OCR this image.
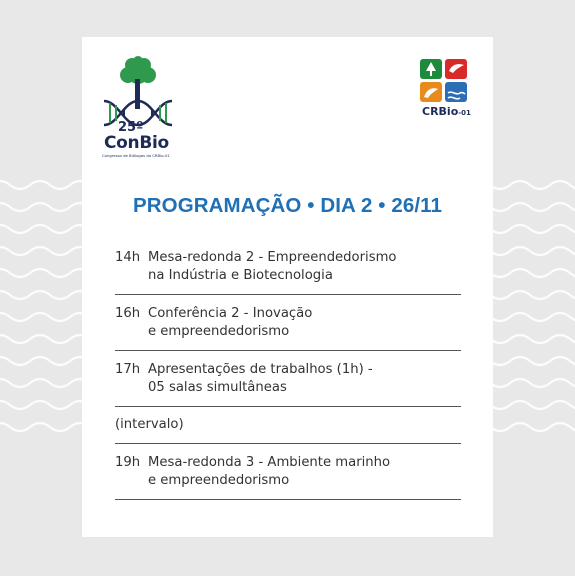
25º
ConBio
Congresso de Biólogos do CRBio-01
CRBio-01
PROGRAMAÇÃO • DIA 2 • 26/11
14h Mesa-redonda 2 - Empreendedorismo
na Indústria e Biotecnologia
16h Conferência 2 - Inovação
e empreendedorismo
17h Apresentações de trabalhos (1h) -
05 salas simultâneas
(intervalo)
19h Mesa-redonda 3 - Ambiente marinho
e empreendedorismo
